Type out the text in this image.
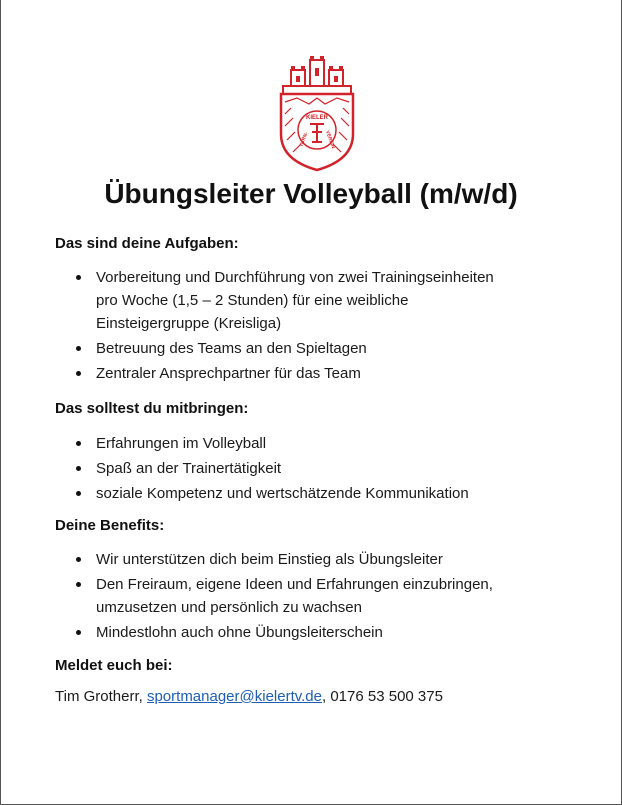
KIELER
TURN-	VEREIN
Übungsleiter Volleyball (m/w/d)
Das sind deine Aufgaben:
Vorbereitung und Durchführung von zwei Trainingseinheiten
pro Woche (1,5 – 2 Stunden) für eine weibliche
Einsteigergruppe (Kreisliga)
Betreuung des Teams an den Spieltagen
Zentraler Ansprechpartner für das Team
Das solltest du mitbringen:
Erfahrungen im Volleyball
Spaß an der Trainertätigkeit
soziale Kompetenz und wertschätzende Kommunikation
Deine Benefits:
Wir unterstützen dich beim Einstieg als Übungsleiter
Den Freiraum, eigene Ideen und Erfahrungen einzubringen,
umzusetzen und persönlich zu wachsen
Mindestlohn auch ohne Übungsleiterschein
Meldet euch bei:
Tim Grotherr, sportmanager@kielertv.de, 0176 53 500 375
